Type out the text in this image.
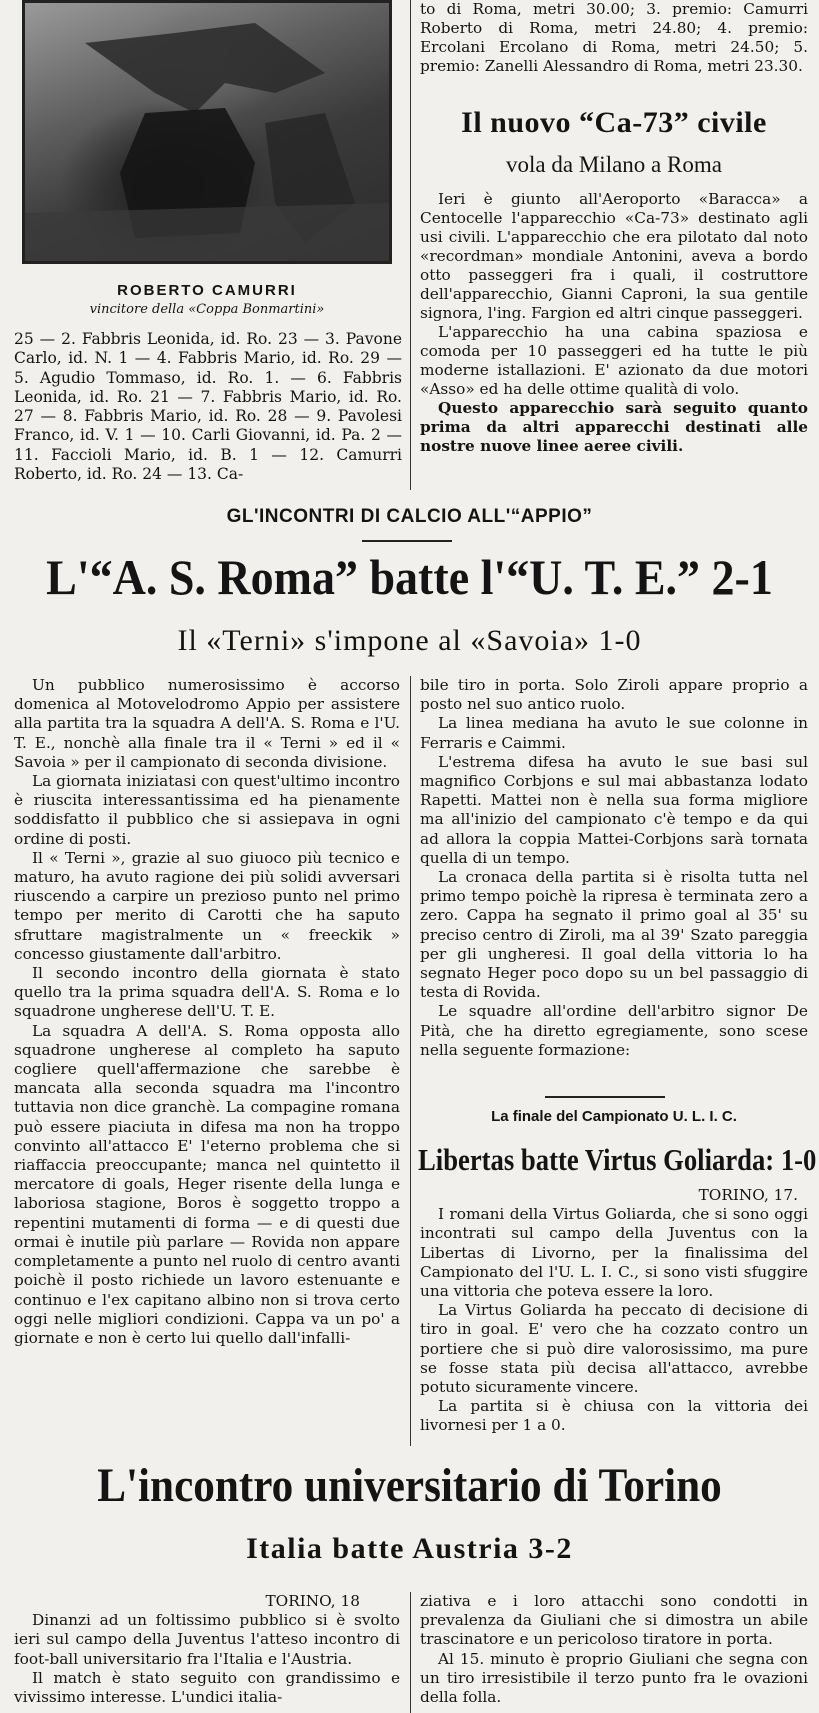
ROBERTO CAMURRI
vincitore della «Coppa Bonmartini»

25 — 2. Fabbris Leonida, id. Ro. 23 — 3. Pavone Carlo, id. N. 1 — 4. Fabbris Mario, id. Ro. 29 — 5. Agudio Tommaso, id. Ro. 1. — 6. Fabbris Leonida, id. Ro. 21 — 7. Fabbris Mario, id. Ro. 27 — 8. Fabbris Mario, id. Ro. 28 — 9. Pavolesi Franco, id. V. 1 — 10. Carli Giovanni, id. Pa. 2 — 11. Faccioli Mario, id. B. 1 — 12. Camurri Roberto, id. Ro. 24 — 13. Ca-

to di Roma, metri 30.00; 3. premio: Camurri Roberto di Roma, metri 24.80; 4. premio: Ercolani Ercolano di Roma, metri 24.50; 5. premio: Zanelli Alessandro di Roma, metri 23.30.

Il nuovo “Ca-73” civile
vola da Milano a Roma

Ieri è giunto all'Aeroporto «Baracca» a Centocelle l'apparecchio «Ca-73» destinato agli usi civili. L'apparecchio che era pilotato dal noto «recordman» mondiale Antonini, aveva a bordo otto passeggeri fra i quali, il costruttore dell'apparecchio, Gianni Caproni, la sua gentile signora, l'ing. Fargion ed altri cinque passeggeri.

L'apparecchio ha una cabina spaziosa e comoda per 10 passeggeri ed ha tutte le più moderne istallazioni. E' azionato da due motori «Asso» ed ha delle ottime qualità di volo.

Questo apparecchio sarà seguito quanto prima da altri apparecchi destinati alle nostre nuove linee aeree civili.

GL'INCONTRI DI CALCIO ALL'“APPIO”
L'“A. S. Roma” batte l'“U. T. E.” 2-1
Il «Terni» s'impone al «Savoia» 1-0

Un pubblico numerosissimo è accorso domenica al Motovelodromo Appio per assistere alla partita tra la squadra A dell'A. S. Roma e l'U. T. E., nonchè alla finale tra il « Terni » ed il « Savoia » per il campionato di seconda divisione.

La giornata iniziatasi con quest'ultimo incontro è riuscita interessantissima ed ha pienamente soddisfatto il pubblico che si assiepava in ogni ordine di posti.

Il « Terni », grazie al suo giuoco più tecnico e maturo, ha avuto ragione dei più solidi avversari riuscendo a carpire un prezioso punto nel primo tempo per merito di Carotti che ha saputo sfruttare magistralmente un « freeckik » concesso giustamente dall'arbitro.

Il secondo incontro della giornata è stato quello tra la prima squadra dell'A. S. Roma e lo squadrone ungherese dell'U. T. E.

La squadra A dell'A. S. Roma opposta allo squadrone ungherese al completo ha saputo cogliere quell'affermazione che sarebbe è mancata alla seconda squadra ma l'incontro tuttavia non dice granchè. La compagine romana può essere piaciuta in difesa ma non ha troppo convinto all'attacco E' l'eterno problema che si riaffaccia preoccupante; manca nel quintetto il mercatore di goals, Heger risente della lunga e laboriosa stagione, Boros è soggetto troppo a repentini mutamenti di forma — e di questi due ormai è inutile più parlare — Rovida non appare completamente a punto nel ruolo di centro avanti poichè il posto richiede un lavoro estenuante e continuo e l'ex capitano albino non si trova certo oggi nelle migliori condizioni. Cappa va un po' a giornate e non è certo lui quello dall'infalli-

bile tiro in porta. Solo Ziroli appare proprio a posto nel suo antico ruolo.

La linea mediana ha avuto le sue colonne in Ferraris e Caimmi.

L'estrema difesa ha avuto le sue basi sul magnifico Corbjons e sul mai abbastanza lodato Rapetti. Mattei non è nella sua forma migliore ma all'inizio del campionato c'è tempo e da qui ad allora la coppia Mattei-Corbjons sarà tornata quella di un tempo.

La cronaca della partita si è risolta tutta nel primo tempo poichè la ripresa è terminata zero a zero. Cappa ha segnato il primo goal al 35' su preciso centro di Ziroli, ma al 39' Szato pareggia per gli ungheresi. Il goal della vittoria lo ha segnato Heger poco dopo su un bel passaggio di testa di Rovida.

Le squadre all'ordine dell'arbitro signor De Pità, che ha diretto egregiamente, sono scese nella seguente formazione:

La finale del Campionato U. L. I. C.
Libertas batte Virtus Goliarda: 1-0

TORINO, 17.

I romani della Virtus Goliarda, che si sono oggi incontrati sul campo della Juventus con la Libertas di Livorno, per la finalissima del Campionato del l'U. L. I. C., si sono visti sfuggire una vittoria che poteva essere la loro.

La Virtus Goliarda ha peccato di decisione di tiro in goal. E' vero che ha cozzato contro un portiere che si può dire valorosissimo, ma pure se fosse stata più decisa all'attacco, avrebbe potuto sicuramente vincere.

La partita si è chiusa con la vittoria dei livornesi per 1 a 0.

L'incontro universitario di Torino
Italia batte Austria 3-2

TORINO, 18

Dinanzi ad un foltissimo pubblico si è svolto ieri sul campo della Juventus l'atteso incontro di foot-ball universitario fra l'Italia e l'Austria.

Il match è stato seguito con grandissimo e vivissimo interesse. L'undici italia-

ziativa e i loro attacchi sono condotti in prevalenza da Giuliani che si dimostra un abile trascinatore e un pericoloso tiratore in porta.

Al 15. minuto è proprio Giuliani che segna con un tiro irresistibile il terzo punto fra le ovazioni della folla.
